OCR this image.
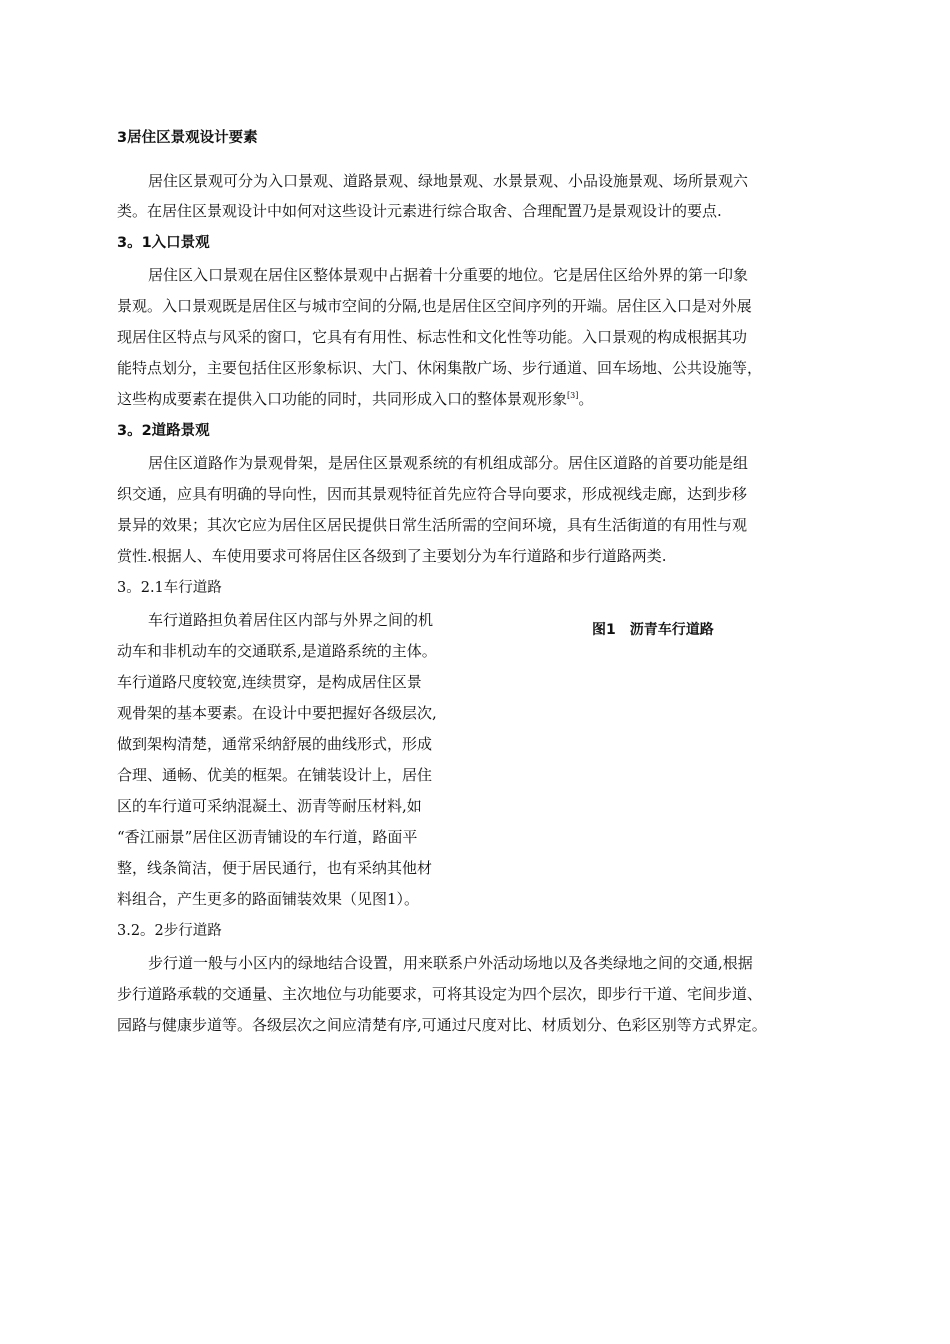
3居住区景观设计要素
居住区景观可分为入口景观、道路景观、绿地景观、水景景观、小品设施景观、场所景观六
类。在居住区景观设计中如何对这些设计元素进行综合取舍、合理配置乃是景观设计的要点.
3。1入口景观
居住区入口景观在居住区整体景观中占据着十分重要的地位。它是居住区给外界的第一印象
景观。入口景观既是居住区与城市空间的分隔,也是居住区空间序列的开端。居住区入口是对外展
现居住区特点与风采的窗口，它具有有用性、标志性和文化性等功能。入口景观的构成根据其功
能特点划分，主要包括住区形象标识、大门、休闲集散广场、步行通道、回车场地、公共设施等，
这些构成要素在提供入口功能的同时，共同形成入口的整体景观形象[3]。
3。2道路景观
居住区道路作为景观骨架，是居住区景观系统的有机组成部分。居住区道路的首要功能是组
织交通，应具有明确的导向性，因而其景观特征首先应符合导向要求，形成视线走廊，达到步移
景异的效果；其次它应为居住区居民提供日常生活所需的空间环境，具有生活街道的有用性与观
赏性.根据人、车使用要求可将居住区各级到了主要划分为车行道路和步行道路两类.
3。2.1车行道路
车行道路担负着居住区内部与外界之间的机
动车和非机动车的交通联系,是道路系统的主体。
车行道路尺度较宽,连续贯穿，是构成居住区景
观骨架的基本要素。在设计中要把握好各级层次,
做到架构清楚，通常采纳舒展的曲线形式，形成
合理、通畅、优美的框架。在铺装设计上，居住
区的车行道可采纳混凝土、沥青等耐压材料,如
“香江丽景”居住区沥青铺设的车行道，路面平
整，线条简洁，便于居民通行，也有采纳其他材
料组合，产生更多的路面铺装效果（见图1）。
图1　沥青车行道路
3.2。2步行道路
步行道一般与小区内的绿地结合设置，用来联系户外活动场地以及各类绿地之间的交通,根据
步行道路承载的交通量、主次地位与功能要求，可将其设定为四个层次，即步行干道、宅间步道、
园路与健康步道等。各级层次之间应清楚有序,可通过尺度对比、材质划分、色彩区别等方式界定。
